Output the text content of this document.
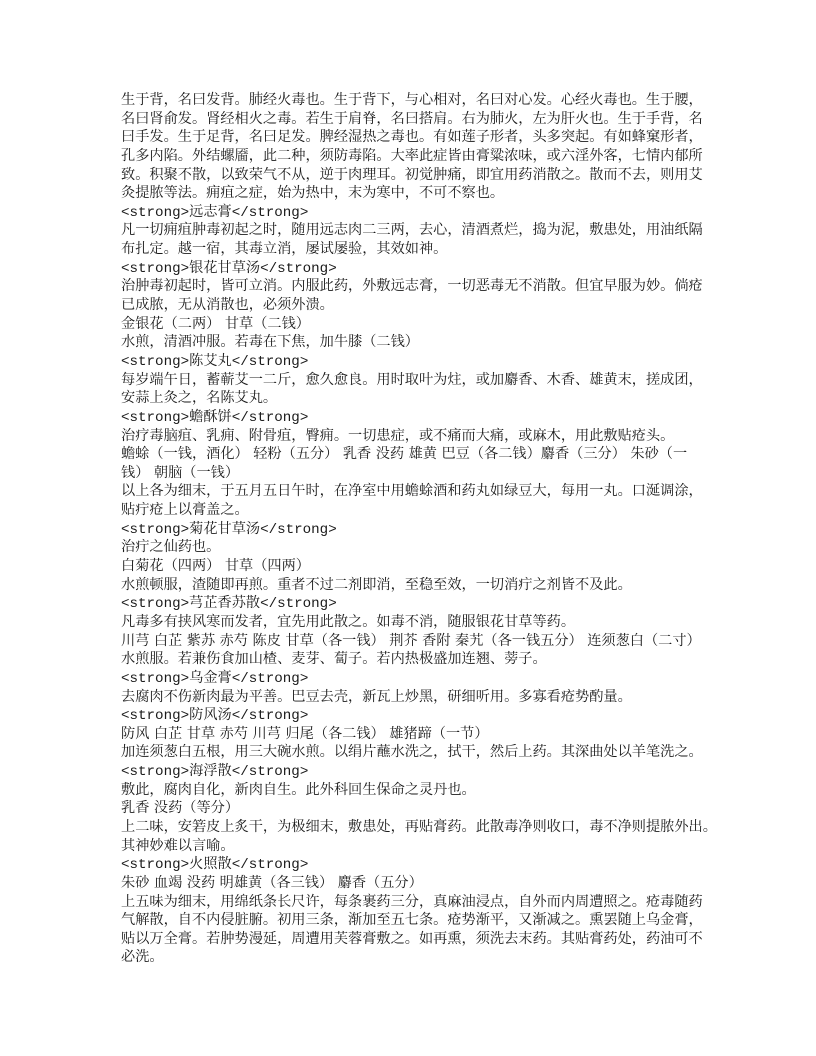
生于背，名曰发背。肺经火毒也。生于背下，与心相对，名曰对心发。心经火毒也。生于腰，
名曰肾俞发。肾经相火之毒。若生于肩脊，名曰搭肩。右为肺火，左为肝火也。生于手背，名
曰手发。生于足背，名曰足发。脾经湿热之毒也。有如莲子形者，头多突起。有如蜂窠形者，
孔多内陷。外结螺靥，此二种，须防毒陷。大率此症皆由膏粱浓味，或六淫外客，七情内郁所
致。积聚不散，以致荣气不从，逆于肉理耳。初觉肿痛，即宜用药消散之。散而不去，则用艾
灸提脓等法。痈疽之症，始为热中，末为寒中，不可不察也。
<strong>远志膏</strong>
凡一切痈疽肿毒初起之时，随用远志肉二三两，去心，清酒煮烂，捣为泥，敷患处，用油纸隔
布扎定。越一宿，其毒立消，屡试屡验，其效如神。
<strong>银花甘草汤</strong>
治肿毒初起时，皆可立消。内服此药，外敷远志膏，一切恶毒无不消散。但宜早服为妙。倘疮
已成脓，无从消散也，必须外溃。
金银花（二两） 甘草（二钱）
水煎，清酒冲服。若毒在下焦，加牛膝（二钱）
<strong>陈艾丸</strong>
每岁端午日，蓄蕲艾一二斤，愈久愈良。用时取叶为炷，或加麝香、木香、雄黄末，搓成团，
安蒜上灸之，名陈艾丸。
<strong>蟾酥饼</strong>
治疗毒脑疽、乳痈、附骨疽，臀痈。一切患症，或不痛而大痛，或麻木，用此敷贴疮头。
蟾蜍（一钱，酒化） 轻粉（五分） 乳香 没药 雄黄 巴豆（各二钱）麝香（三分） 朱砂（一
钱） 朝脑（一钱）
以上各为细末，于五月五日午时，在净室中用蟾蜍酒和药丸如绿豆大，每用一丸。口涎调涂，
贴疔疮上以膏盖之。
<strong>菊花甘草汤</strong>
治疔之仙药也。
白菊花（四两） 甘草（四两）
水煎顿服，渣随即再煎。重者不过二剂即消，至稳至效，一切消疔之剂皆不及此。
<strong>芎芷香苏散</strong>
凡毒多有挟风寒而发者，宜先用此散之。如毒不消，随服银花甘草等药。
川芎 白芷 紫苏 赤芍 陈皮 甘草（各一钱） 荆芥 香附 秦艽（各一钱五分） 连须葱白（二寸）
水煎服。若兼伤食加山楂、麦芽、蔔子。若内热极盛加连翘、蒡子。
<strong>乌金膏</strong>
去腐肉不伤新肉最为平善。巴豆去壳，新瓦上炒黑，研细听用。多寡看疮势酌量。
<strong>防风汤</strong>
防风 白芷 甘草 赤芍 川芎 归尾（各二钱） 雄猪蹄（一节）
加连须葱白五根，用三大碗水煎。以绢片蘸水洗之，拭干，然后上药。其深曲处以羊笔洗之。
<strong>海浮散</strong>
敷此，腐肉自化，新肉自生。此外科回生保命之灵丹也。
乳香 没药（等分）
上二味，安箬皮上炙干，为极细末，敷患处，再贴膏药。此散毒净则收口，毒不净则提脓外出。
其神妙难以言喻。
<strong>火照散</strong>
朱砂 血竭 没药 明雄黄（各三钱） 麝香（五分）
上五味为细末，用绵纸条长尺许，每条裹药三分，真麻油浸点，自外而内周遭照之。疮毒随药
气解散，自不内侵脏腑。初用三条，渐加至五七条。疮势渐平，又渐减之。熏罢随上乌金膏，
贴以万全膏。若肿势漫延，周遭用芙蓉膏敷之。如再熏，须洗去末药。其贴膏药处，药油可不
必洗。
